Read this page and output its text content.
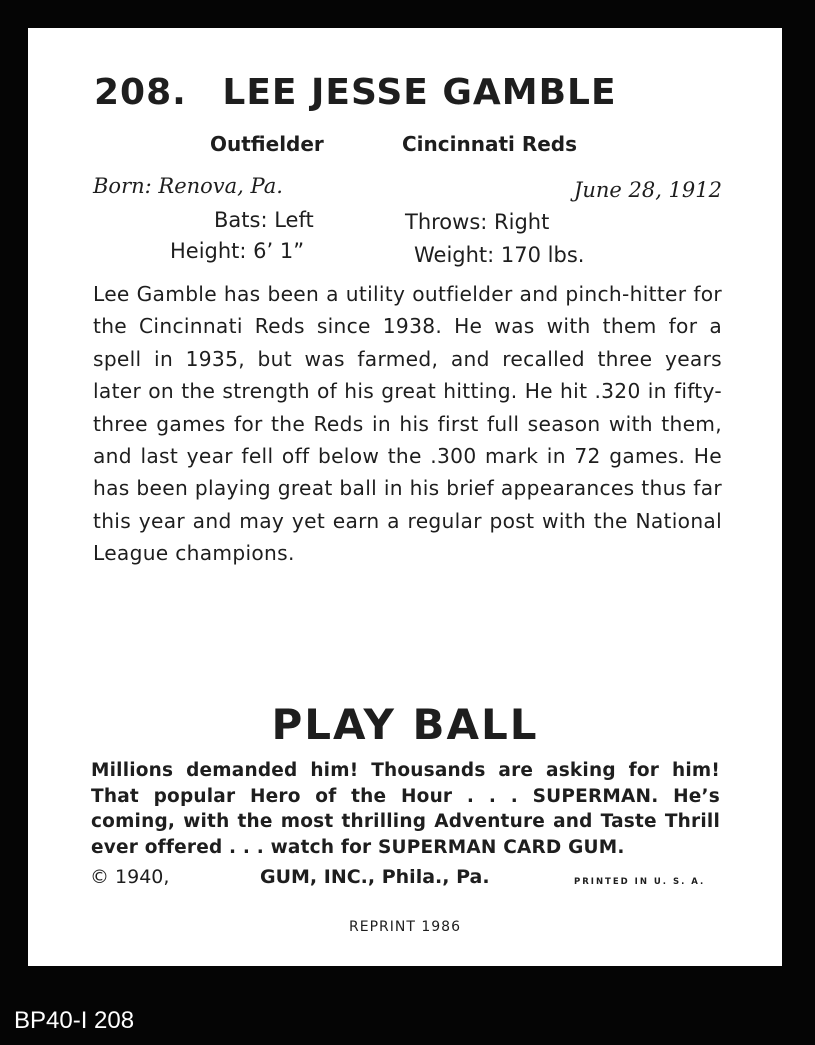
208. LEE JESSE GAMBLE
Outfielder	Cincinnati Reds
Born: Renova, Pa.	June 28, 1912
Bats: Left	Throws: Right
Height: 6’ 1”	Weight: 170 lbs.
Lee Gamble has been a utility outfielder and pinch-hitter for the Cincinnati Reds since 1938. He was with them for a spell in 1935, but was farmed, and recalled three years later on the strength of his great hitting. He hit .320 in fifty-three games for the Reds in his first full season with them, and last year fell off below the .300 mark in 72 games. He has been playing great ball in his brief appearances thus far this year and may yet earn a regular post with the National League champions.
PLAY BALL
Millions demanded him! Thousands are asking for him! That popular Hero of the Hour . . . SUPERMAN. He’s coming, with the most thrilling Adventure and Taste Thrill ever offered . . . watch for SUPERMAN CARD GUM.
© 1940,	GUM, INC., Phila., Pa.	PRINTED IN U. S. A.
REPRINT 1986
BP40-I 208
